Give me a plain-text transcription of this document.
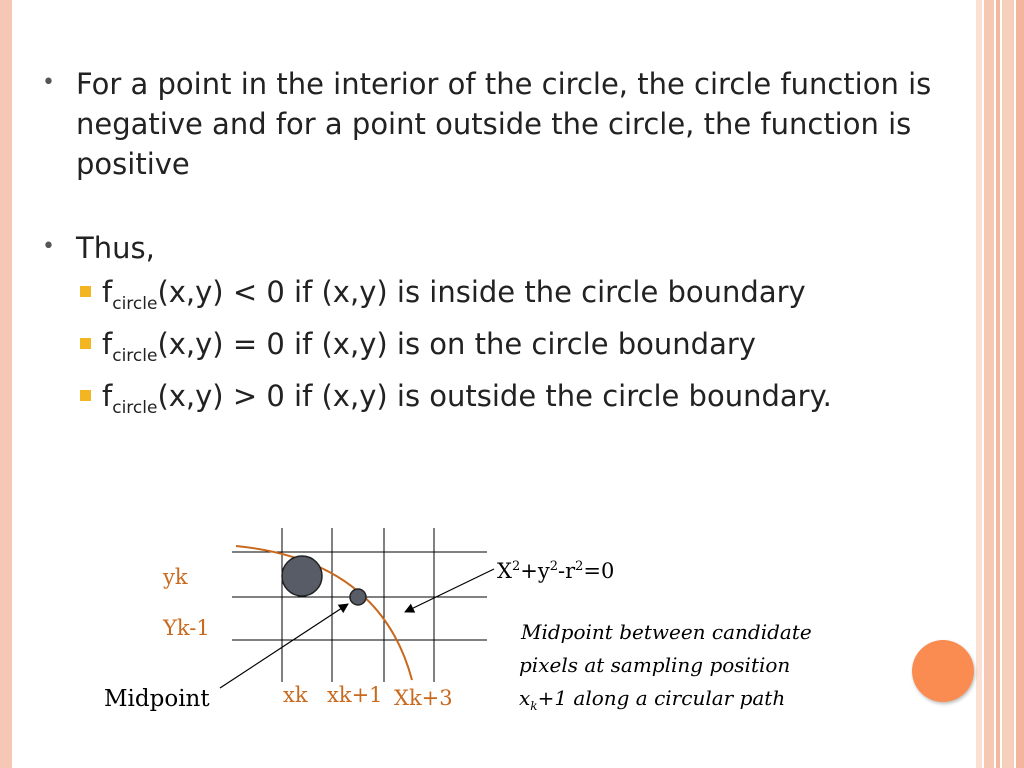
• For a point in the interior of the circle, the circle function is negative and for a point outside the circle, the function is positive
• Thus,
$f_{circle}(x,y) < 0$ if (x,y) is inside the circle boundary
$f_{circle}(x,y) = 0$ if (x,y) is on the circle boundary
$f_{circle}(x,y) > 0$ if (x,y) is outside the circle boundary.
yk
Yk-1
xk xk+1 Xk+3
Midpoint
$X^2+y^2-r^2=0$
Midpoint between candidate
pixels at sampling position
$x_k+1$ along a circular path
